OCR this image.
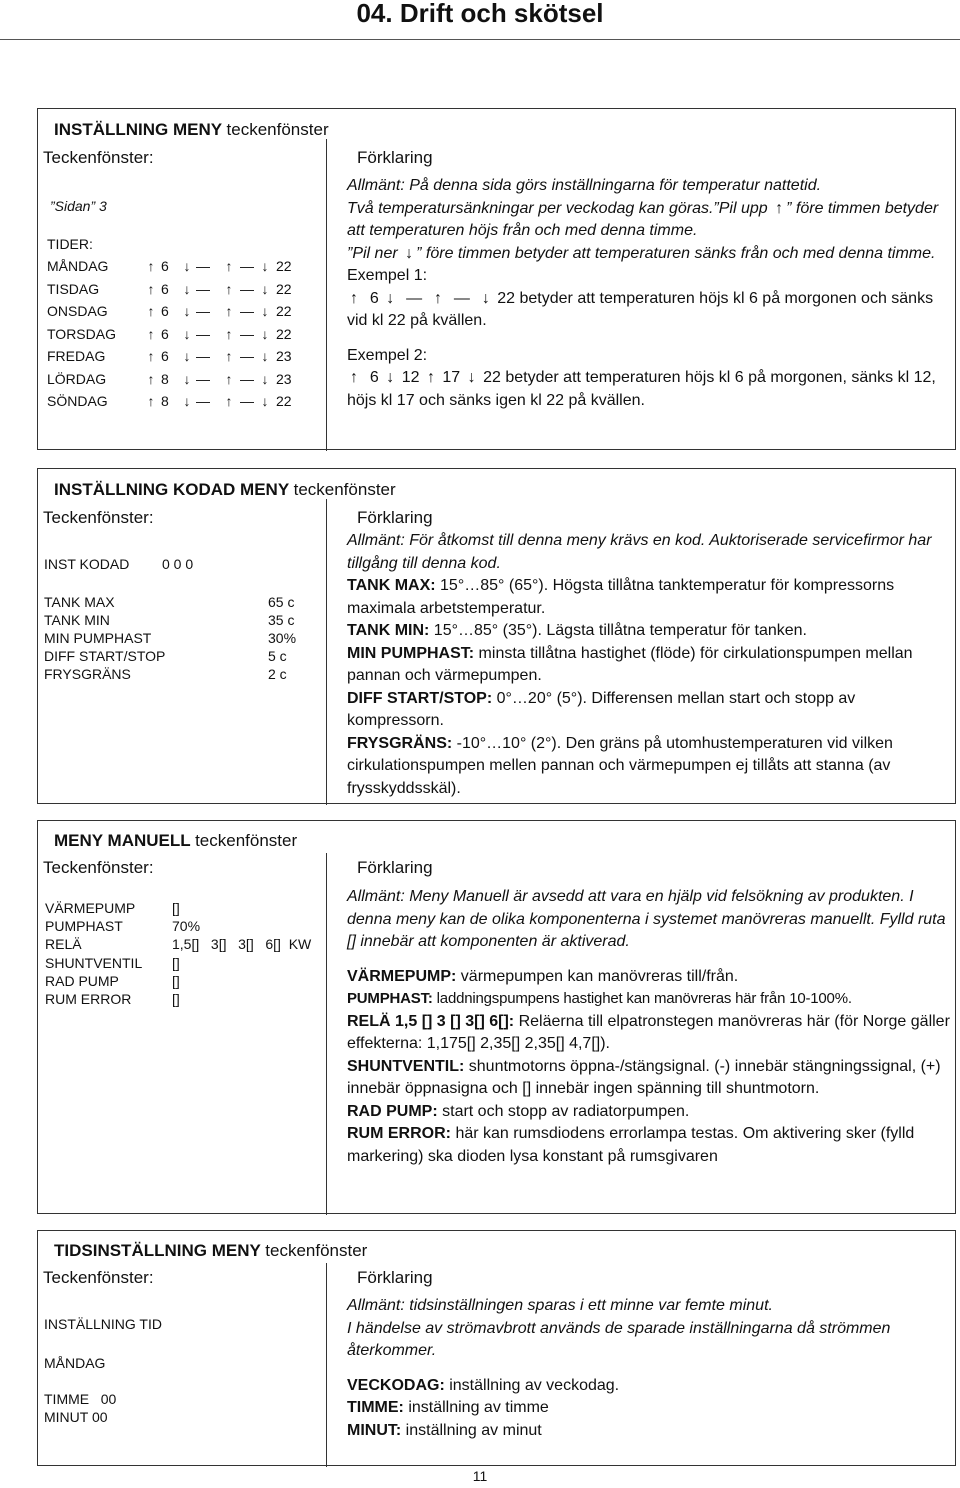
04. Drift och skötsel
INSTÄLLNING MENY teckenfönster
Teckenfönster:	Förklaring
”Sidan” 3
TIDER:
MÅNDAG	↑ 6 ↓ — ↑ — ↓ 22
TISDAG	↑ 6 ↓ — ↑ — ↓ 22
ONSDAG	↑ 6 ↓ — ↑ — ↓ 22
TORSDAG ↑ 6 ↓ — ↑ — ↓ 22
FREDAG	↑ 6 ↓ — ↑ — ↓ 23
LÖRDAG	↑ 8 ↓ — ↑ — ↓ 23
SÖNDAG	↑ 8 ↓ — ↑ — ↓ 22

Allmänt: På denna sida görs inställningarna för temperatur nattetid.

Två temperatursänkningar per veckodag kan göras.”Pil upp ↑ ” före timmen betyder att temperaturen höjs från och med denna timme.

”Pil ner ↓ ” före timmen betyder att temperaturen sänks från och med denna timme.

Exempel 1:

↑ 6 ↓  —  ↑  —  ↓ 22 betyder att temperaturen höjs kl 6 på morgonen och sänks vid kl 22 på kvällen.

Exempel 2:

↑ 6 ↓ 12 ↑ 17 ↓ 22 betyder att temperaturen höjs kl 6 på morgonen, sänks kl 12, höjs kl 17 och sänks igen kl 22 på kvällen.

INSTÄLLNING KODAD MENY teckenfönster
Teckenfönster:	Förklaring
INST KODAD 0 0 0
TANK MAX	65 c
TANK MIN	35 c
MIN PUMPHAST	30%
DIFF START/STOP	5 c
FRYSGRÄNS	2 c

Allmänt: För åtkomst till denna meny krävs en kod. Auktoriserade servicefirmor har tillgång till denna kod.

TANK MAX: 15°…85° (65°). Högsta tillåtna tanktemperatur för kompressorns maximala arbetstemperatur.

TANK MIN: 15°…85° (35°). Lägsta tillåtna temperatur för tanken.

MIN PUMPHAST: minsta tillåtna hastighet (flöde) för cirkulationspumpen mellan pannan och värmepumpen.

DIFF START/STOP: 0°…20° (5°). Differensen mellan start och stopp av kompressorn.

FRYSGRÄNS: -10°…10° (2°). Den gräns på utomhustemperaturen vid vilken cirkulationspumpen mellen pannan och värmepumpen ej tillåts att stanna (av frysskyddsskäl).

MENY MANUELL teckenfönster
Teckenfönster:	Förklaring
VÄRMEPUMP	[]
PUMPHAST	70%
RELÄ	1,5[]   3[]   3[]   6[]  KW
SHUNTVENTIL []
RAD PUMP	[]
RUM ERROR	[]

Allmänt: Meny Manuell är avsedd att vara en hjälp vid felsökning av produkten. I denna meny kan de olika komponenterna i systemet manövreras manuellt. Fylld ruta [] innebär att komponenten är aktiverad.

VÄRMEPUMP: värmepumpen kan manövreras till/från.

PUMPHAST: laddningspumpens hastighet kan manövreras här från 10-100%.

RELÄ 1,5 [] 3 [] 3[] 6[]: Reläerna till elpatronstegen manövreras här (för Norge gäller effekterna: 1,175[] 2,35[] 2,35[] 4,7[]).

SHUNTVENTIL: shuntmotorns öppna-/stängsignal. (-) innebär stängningssignal, (+) innebär öppnasigna och [] innebär ingen spänning till shuntmotorn.

RAD PUMP: start och stopp av radiatorpumpen.

RUM ERROR: här kan rumsdiodens errorlampa testas. Om aktivering sker (fylld markering) ska dioden lysa konstant på rumsgivaren

TIDSINSTÄLLNING MENY teckenfönster
Teckenfönster:	Förklaring
INSTÄLLNING TID
MÅNDAG
TIMME   00
MINUT 00

Allmänt: tidsinställningen sparas i ett minne var femte minut.

I händelse av strömavbrott används de sparade inställningarna då strömmen återkommer.

VECKODAG: inställning av veckodag.

TIMME: inställning av timme

MINUT: inställning av minut

11
